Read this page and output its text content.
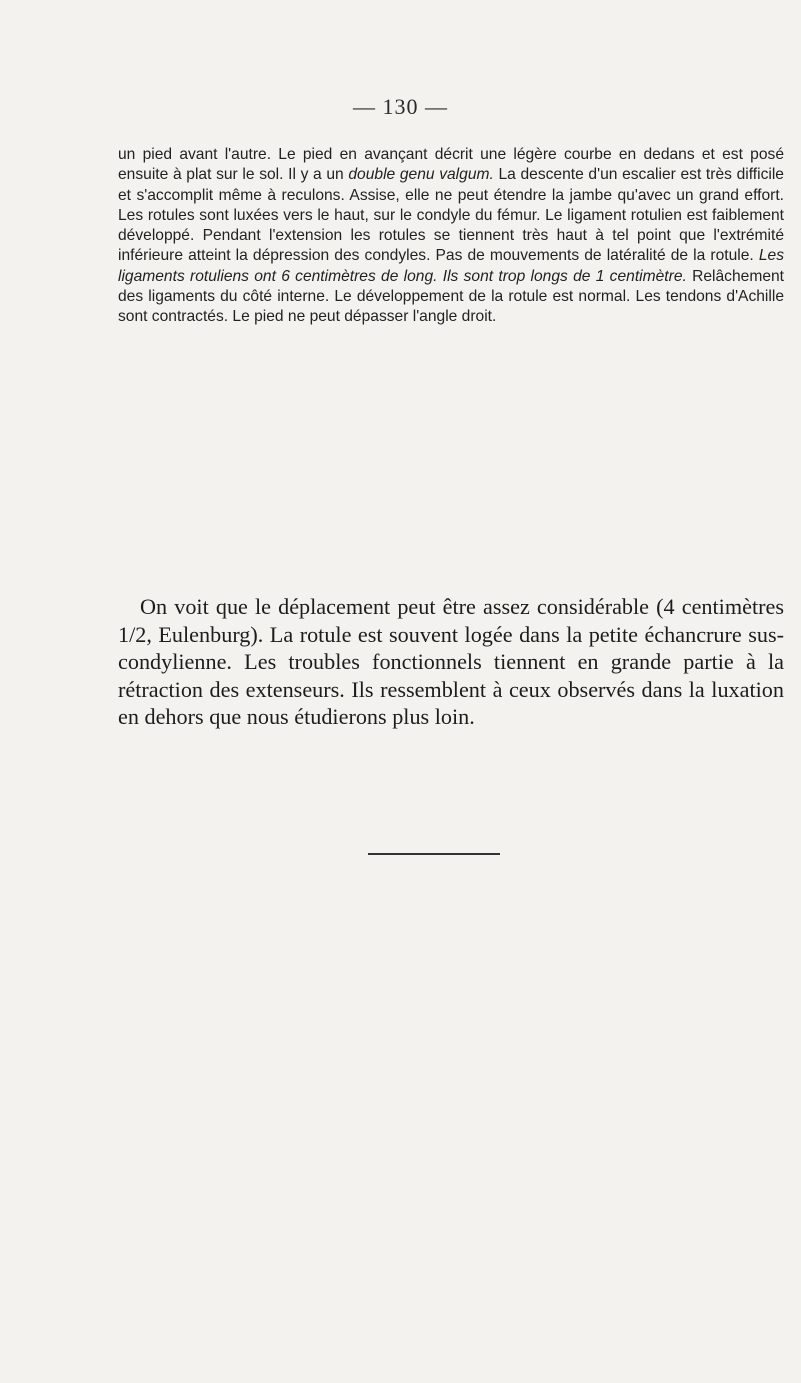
— 130 —

un pied avant l'autre. Le pied en avançant décrit une légère courbe en dedans et est posé ensuite à plat sur le sol. Il y a un double genu valgum. La descente d'un escalier est très difficile et s'accomplit même à reculons. Assise, elle ne peut étendre la jambe qu'avec un grand effort. Les rotules sont luxées vers le haut, sur le condyle du fémur. Le ligament rotulien est faiblement développé. Pendant l'extension les rotules se tiennent très haut à tel point que l'extrémité inférieure atteint la dépression des condyles. Pas de mouvements de latéralité de la rotule. Les ligaments rotuliens ont 6 centimètres de long. Ils sont trop longs de 1 centimètre. Relâchement des ligaments du côté interne. Le développement de la rotule est normal. Les tendons d'Achille sont contractés. Le pied ne peut dépasser l'angle droit.

On voit que le déplacement peut être assez considérable (4 centimètres 1/2, Eulenburg). La rotule est souvent logée dans la petite échancrure sus-condylienne. Les troubles fonctionnels tiennent en grande partie à la rétraction des extenseurs. Ils ressemblent à ceux observés dans la luxation en dehors que nous étudierons plus loin.
